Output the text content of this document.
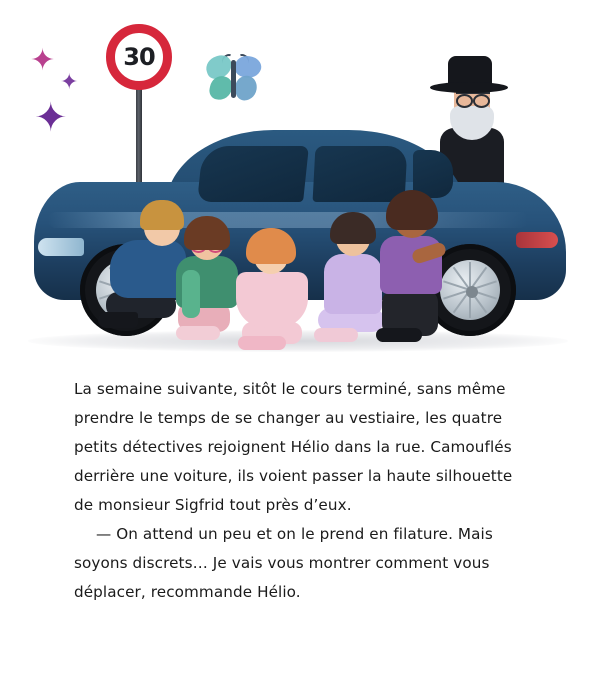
✦
✦
✦
30

La semaine suivante, sitôt le cours terminé, sans même prendre le temps de se changer au vestiaire, les quatre petits détectives rejoignent Hélio dans la rue. Camouflés derrière une voiture, ils voient passer la haute silhouette de monsieur Sigfrid tout près d’eux.

— On attend un peu et on le prend en filature. Mais soyons discrets… Je vais vous montrer comment vous déplacer, recommande Hélio.
